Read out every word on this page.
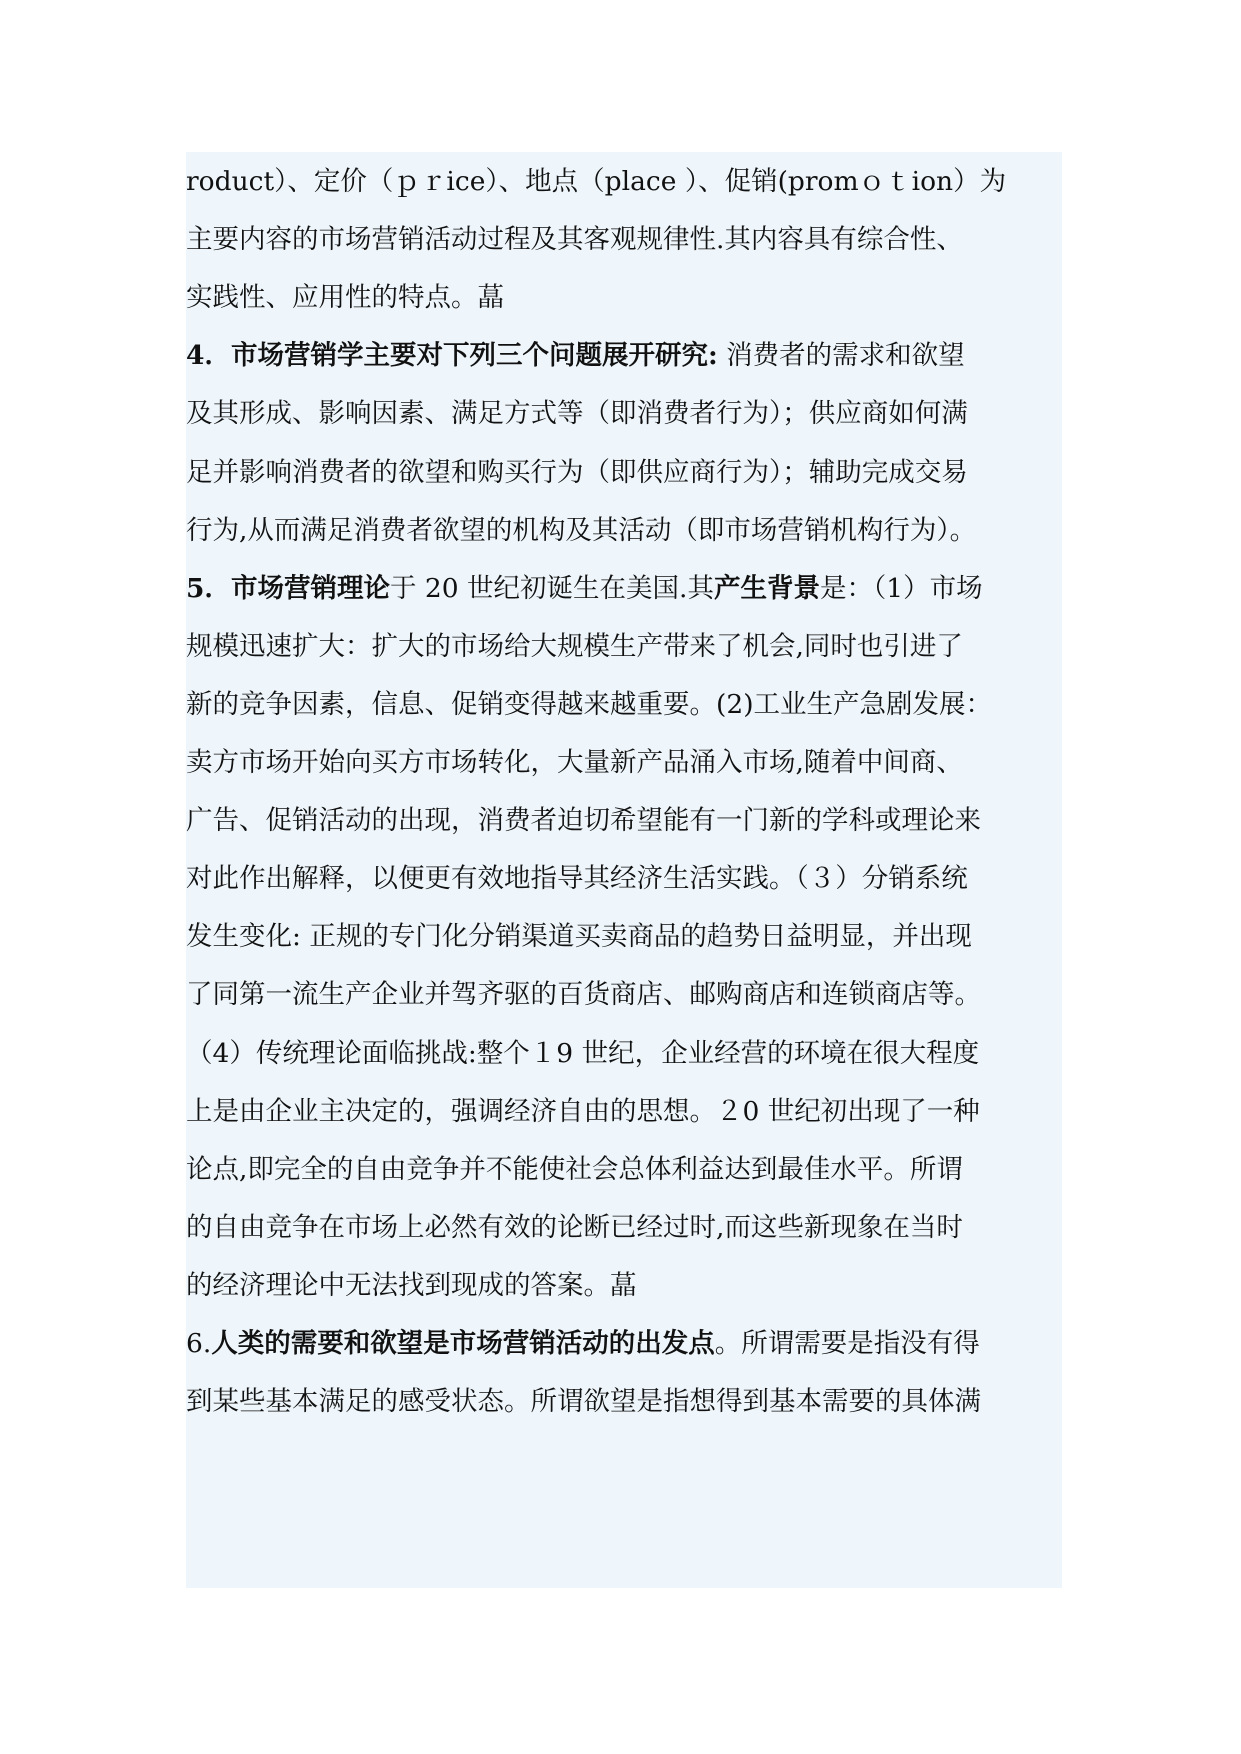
roduct）、定价（ｐｒice）、地点（place ）、促销(promｏｔion）为
主要内容的市场营销活动过程及其客观规律性.其内容具有综合性、
实践性、应用性的特点。蕌
4．市场营销学主要对下列三个问题展开研究: 消费者的需求和欲望
及其形成、影响因素、满足方式等（即消费者行为）；供应商如何满
足并影响消费者的欲望和购买行为（即供应商行为）；辅助完成交易
行为,从而满足消费者欲望的机构及其活动（即市场营销机构行为）。
5．市场营销理论于 20 世纪初诞生在美国.其产生背景是：（1）市场
规模迅速扩大：扩大的市场给大规模生产带来了机会,同时也引进了
新的竞争因素，信息、促销变得越来越重要。(2)工业生产急剧发展：
卖方市场开始向买方市场转化，大量新产品涌入市场,随着中间商、
广告、促销活动的出现，消费者迫切希望能有一门新的学科或理论来
对此作出解释，以便更有效地指导其经济生活实践。（３）分销系统
发生变化: 正规的专门化分销渠道买卖商品的趋势日益明显，并出现
了同第一流生产企业并驾齐驱的百货商店、邮购商店和连锁商店等。
（4）传统理论面临挑战:整个１9 世纪，企业经营的环境在很大程度
上是由企业主决定的，强调经济自由的思想。２0 世纪初出现了一种
论点,即完全的自由竞争并不能使社会总体利益达到最佳水平。所谓
的自由竞争在市场上必然有效的论断已经过时,而这些新现象在当时
的经济理论中无法找到现成的答案。蕌
6.人类的需要和欲望是市场营销活动的出发点。所谓需要是指没有得
到某些基本满足的感受状态。所谓欲望是指想得到基本需要的具体满
